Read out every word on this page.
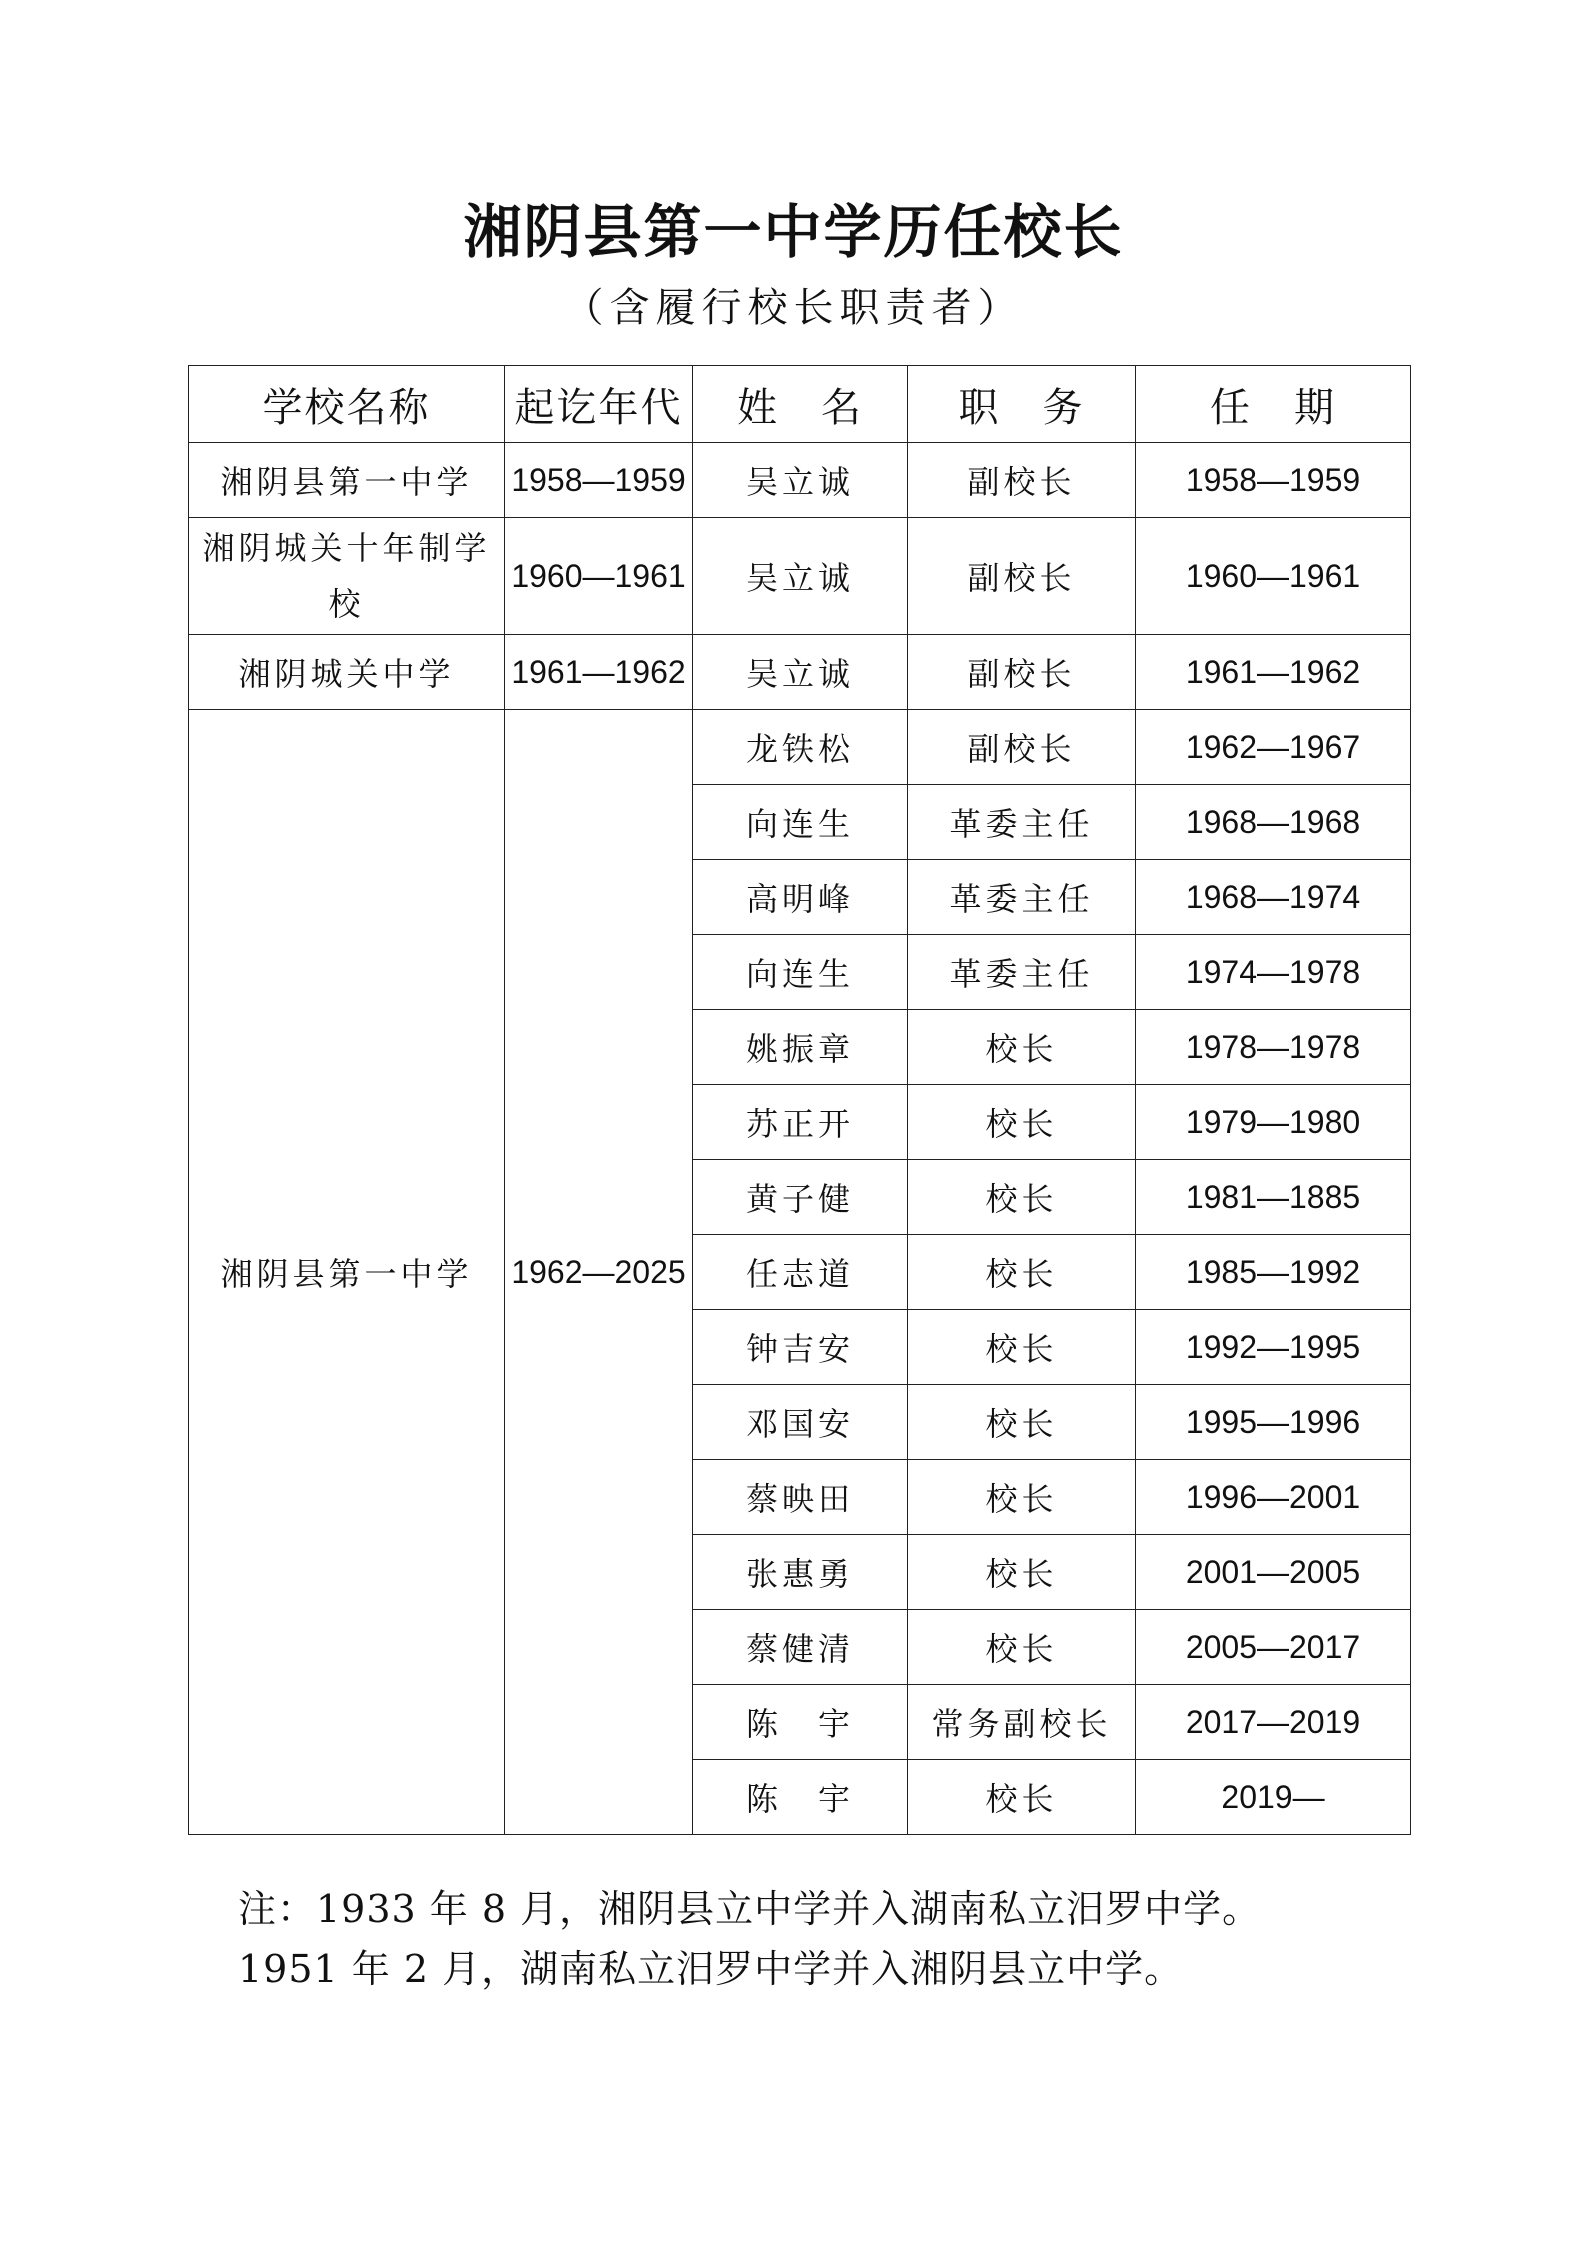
湘阴县第一中学历任校长
（含履行校长职责者）
学校名称	起讫年代	姓　名	职　务	任　期
湘阴县第一中学	1958—1959	吴立诚	副校长	1958—1959
湘阴城关十年制学校	1960—1961	吴立诚	副校长	1960—1961
湘阴城关中学	1961—1962	吴立诚	副校长	1961—1962
湘阴县第一中学	1962—2025	龙铁松	副校长	1962—1967
		向连生	革委主任	1968—1968
		高明峰	革委主任	1968—1974
		向连生	革委主任	1974—1978
		姚振章	校长	1978—1978
		苏正开	校长	1979—1980
		黄子健	校长	1981—1885
		任志道	校长	1985—1992
		钟吉安	校长	1992—1995
		邓国安	校长	1995—1996
		蔡映田	校长	1996—2001
		张惠勇	校长	2001—2005
		蔡健清	校长	2005—2017
		陈　宇	常务副校长	2017—2019
		陈　宇	校长	2019—
注：1933 年 8 月，湘阴县立中学并入湖南私立汨罗中学。
1951 年 2 月，湖南私立汨罗中学并入湘阴县立中学。
